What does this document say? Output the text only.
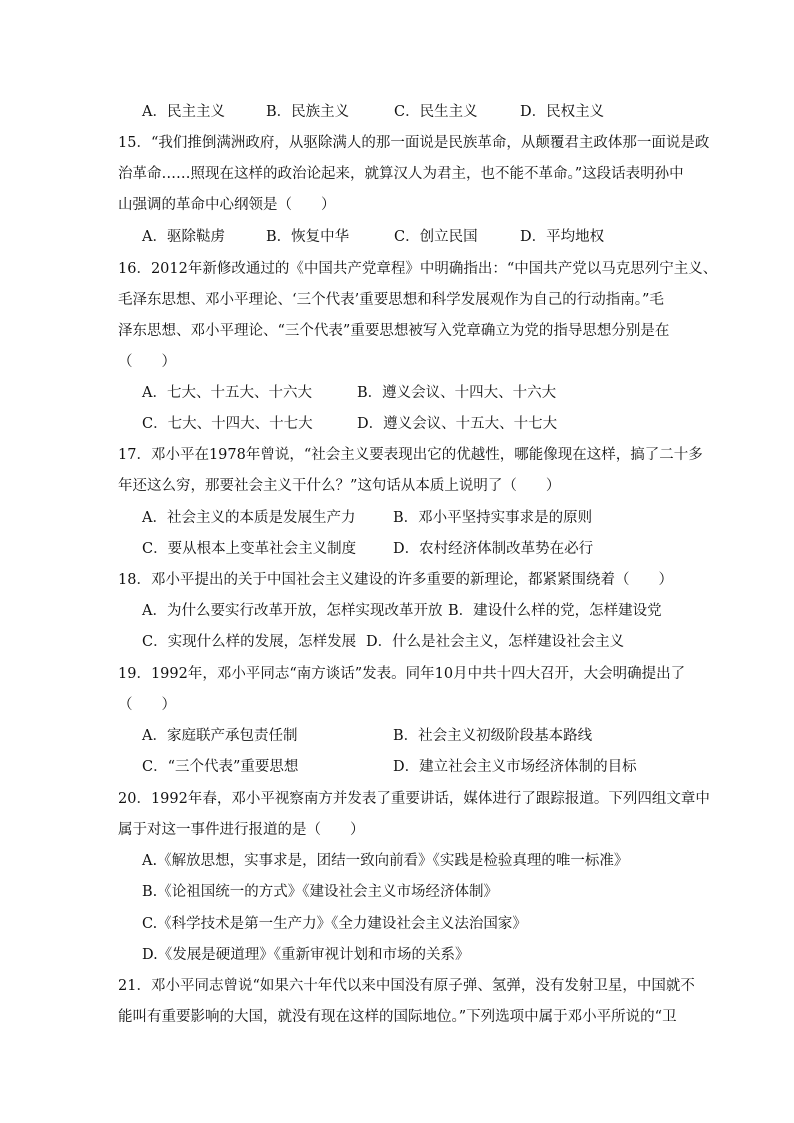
A．民主主义	B．民族主义	C．民生主义	D．民权主义
15．“我们推倒满洲政府，从驱除满人的那一面说是民族革命，从颠覆君主政体那一面说是政
治革命……照现在这样的政治论起来，就算汉人为君主，也不能不革命。”这段话表明孙中
山强调的革命中心纲领是（　　）
A．驱除鞑虏	B．恢复中华	C．创立民国	D．平均地权
16．2012年新修改通过的《中国共产党章程》中明确指出：“中国共产党以马克思列宁主义、
毛泽东思想、邓小平理论、‘三个代表’重要思想和科学发展观作为自己的行动指南。”毛
泽东思想、邓小平理论、“三个代表”重要思想被写入党章确立为党的指导思想分别是在
（　　）
A．七大、十五大、十六大	B．遵义会议、十四大、十六大
C．七大、十四大、十七大	D．遵义会议、十五大、十七大
17．邓小平在1978年曾说，“社会主义要表现出它的优越性，哪能像现在这样，搞了二十多
年还这么穷，那要社会主义干什么？”这句话从本质上说明了（　　）
A．社会主义的本质是发展生产力	B．邓小平坚持实事求是的原则
C．要从根本上变革社会主义制度	D．农村经济体制改革势在必行
18．邓小平提出的关于中国社会主义建设的许多重要的新理论，都紧紧围绕着（　　）
A．为什么要实行改革开放，怎样实现改革开放 B．建设什么样的党，怎样建设党
C．实现什么样的发展，怎样发展 D．什么是社会主义，怎样建设社会主义
19．1992年，邓小平同志“南方谈话”发表。同年10月中共十四大召开，大会明确提出了
（　　）
A．家庭联产承包责任制	B．社会主义初级阶段基本路线
C．“三个代表”重要思想	D．建立社会主义市场经济体制的目标
20．1992年春，邓小平视察南方并发表了重要讲话，媒体进行了跟踪报道。下列四组文章中
属于对这一事件进行报道的是（　　）
A.《解放思想，实事求是，团结一致向前看》《实践是检验真理的唯一标准》
B.《论祖国统一的方式》《建设社会主义市场经济体制》
C.《科学技术是第一生产力》《全力建设社会主义法治国家》
D.《发展是硬道理》《重新审视计划和市场的关系》
21．邓小平同志曾说“如果六十年代以来中国没有原子弹、氢弹，没有发射卫星，中国就不
能叫有重要影响的大国，就没有现在这样的国际地位。”下列选项中属于邓小平所说的“卫
